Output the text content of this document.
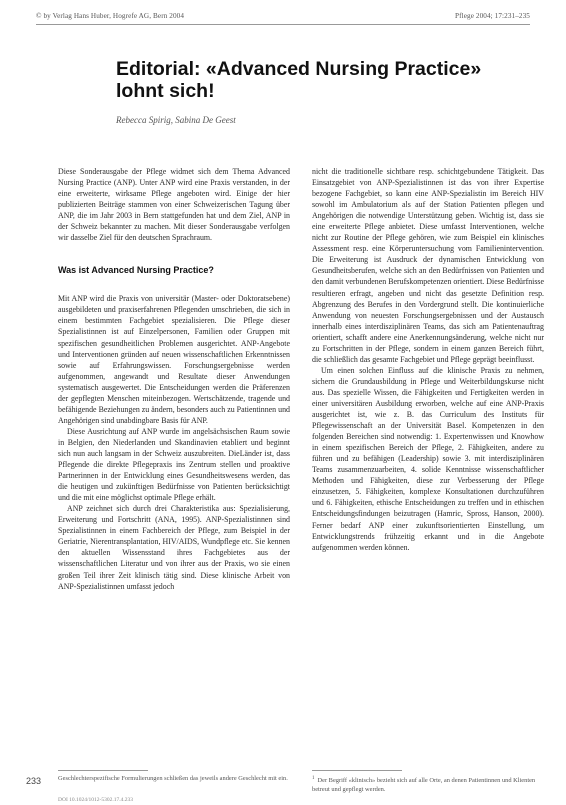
© by Verlag Hans Huber, Hogrefe AG, Bern 2004	Pflege 2004; 17:231–235
Editorial: «Advanced Nursing Practice» lohnt sich!
Rebecca Spirig, Sabina De Geest

Diese Sonderausgabe der Pflege widmet sich dem Thema Advanced Nursing Practice (ANP). Unter ANP wird eine Praxis verstanden, in der eine erweiterte, wirksame Pflege angeboten wird. Einige der hier publizierten Beiträge stammen von einer Schweizerischen Tagung über ANP, die im Jahr 2003 in Bern stattgefunden hat und dem Ziel, ANP in der Schweiz bekannter zu machen. Mit dieser Sonderausgabe verfolgen wir dasselbe Ziel für den deutschen Sprachraum.

Was ist Advanced Nursing Practice?

Mit ANP wird die Praxis von universitär (Master- oder Doktoratsebene) ausgebildeten und praxiserfahrenen Pflegenden umschrieben, die sich in einem bestimmten Fachgebiet spezialisieren. Die Pflege dieser Spezialistinnen ist auf Einzelpersonen, Familien oder Gruppen mit spezifischen gesundheitlichen Problemen ausgerichtet. ANP-Angebote und Interventionen gründen auf neuen wissenschaftlichen Erkenntnissen sowie auf Erfahrungswissen. Forschungsergebnisse werden aufgenommen, angewandt und Resultate dieser Anwendungen systematisch ausgewertet. Die Entscheidungen werden die Präferenzen der gepflegten Menschen miteinbezogen. Wertschätzende, tragende und befähigende Beziehungen zu ändern, besonders auch zu Patientinnen und Angehörigen sind unabdingbare Basis für ANP.

Diese Ausrichtung auf ANP wurde im angelsächsischen Raum sowie in Belgien, den Niederlanden und Skandinavien etabliert und beginnt sich nun auch langsam in der Schweiz auszubreiten. DieLänder ist, dass Pflegende die direkte Pflegepraxis ins Zentrum stellen und proaktive Partnerinnen in der Entwicklung eines Gesundheitswesens werden, das die heutigen und zukünftigen Bedürfnisse von Patienten berücksichtigt und die mit eine möglichst optimale Pflege erhält.

ANP zeichnet sich durch drei Charakteristika aus: Spezialisierung, Erweiterung und Fortschritt (ANA, 1995). ANP-Spezialistinnen sind Spezialistinnen in einem Fachbereich der Pflege, zum Beispiel in der Geriatrie, Nierentransplantation, HIV/AIDS, Wundpflege etc. Sie kennen den aktuellen Wissensstand ihres Fachgebietes aus der wissenschaftlichen Literatur und von ihrer aus der Praxis, wo sie einen großen Teil ihrer Zeit klinisch tätig sind. Diese klinische Arbeit von ANP-Spezialistinnen umfasst jedoch

nicht die traditionelle sichtbare resp. schichtgebundene Tätigkeit. Das Einsatzgebiet von ANP-Spezialistinnen ist das von ihrer Expertise bezogene Fachgebiet, so kann eine ANP-Spezialistin im Bereich HIV sowohl im Ambulatorium als auf der Station Patienten pflegen und Angehörigen die notwendige Unterstützung geben. Wichtig ist, dass sie eine erweiterte Pflege anbietet. Diese umfasst Interventionen, welche nicht zur Routine der Pflege gehören, wie zum Beispiel ein klinisches Assessment resp. eine Körperuntersuchung vom Familienintervention. Die Erweiterung ist Ausdruck der dynamischen Entwicklung von Gesundheitsberufen, welche sich an den Bedürfnissen von Patienten und den damit verbundenen Berufskompetenzen orientiert. Diese Bedürfnisse resultieren erfragt, angeben und nicht das gesetzte Definition resp. Abgrenzung des Berufes in den Vordergrund stellt. Die kontinuierliche Anwendung von neuesten Forschungsergebnissen und der Austausch innerhalb eines interdisziplinären Teams, das sich am Patientenauftrag orientiert, schafft andere eine Anerkennungsänderung, welche nicht nur zu Fortschritten in der Pflege, sondern in einem ganzen Bereich führt, die schließlich das gesamte Fachgebiet und Pflege geprägt beeinflusst.

Um einen solchen Einfluss auf die klinische Praxis zu nehmen, sichern die Grundausbildung in Pflege und Weiterbildungskurse nicht aus. Das spezielle Wissen, die Fähigkeiten und Fertigkeiten werden in einer universitären Ausbildung erworben, welche auf eine ANP-Praxis ausgerichtet ist, wie z. B. das Curriculum des Instituts für Pflegewissenschaft an der Universität Basel. Kompetenzen in den folgenden Bereichen sind notwendig: 1. Expertenwissen und Knowhow in einem spezifischen Bereich der Pflege, 2. Fähigkeiten, andere zu führen und zu befähigen (Leadership) sowie 3. mit interdisziplinären Teams zusammenzuarbeiten, 4. solide Kenntnisse wissenschaftlicher Methoden und Fähigkeiten, diese zur Verbesserung der Pflege einzusetzen, 5. Fähigkeiten, komplexe Konsultationen durchzuführen und 6. Fähigkeiten, ethische Entscheidungen zu treffen und in ethischen Entscheidungsfindungen beizutragen (Hamric, Spross, Hanson, 2000). Ferner bedarf ANP einer zukunftsorientierten Einstellung, um Entwicklungstrends frühzeitig erkannt und in die Angebote aufgenommen werden können.

233	Geschlechterspezifische Formulierungen schließen das jeweils andere Geschlecht mit ein.	$^1$ Der Begriff «klinisch» bezieht sich auf alle Orte, an denen Patientinnen und Klienten betreut und gepflegt werden.
DOI 10.1024/1012-5302.17.4.233
